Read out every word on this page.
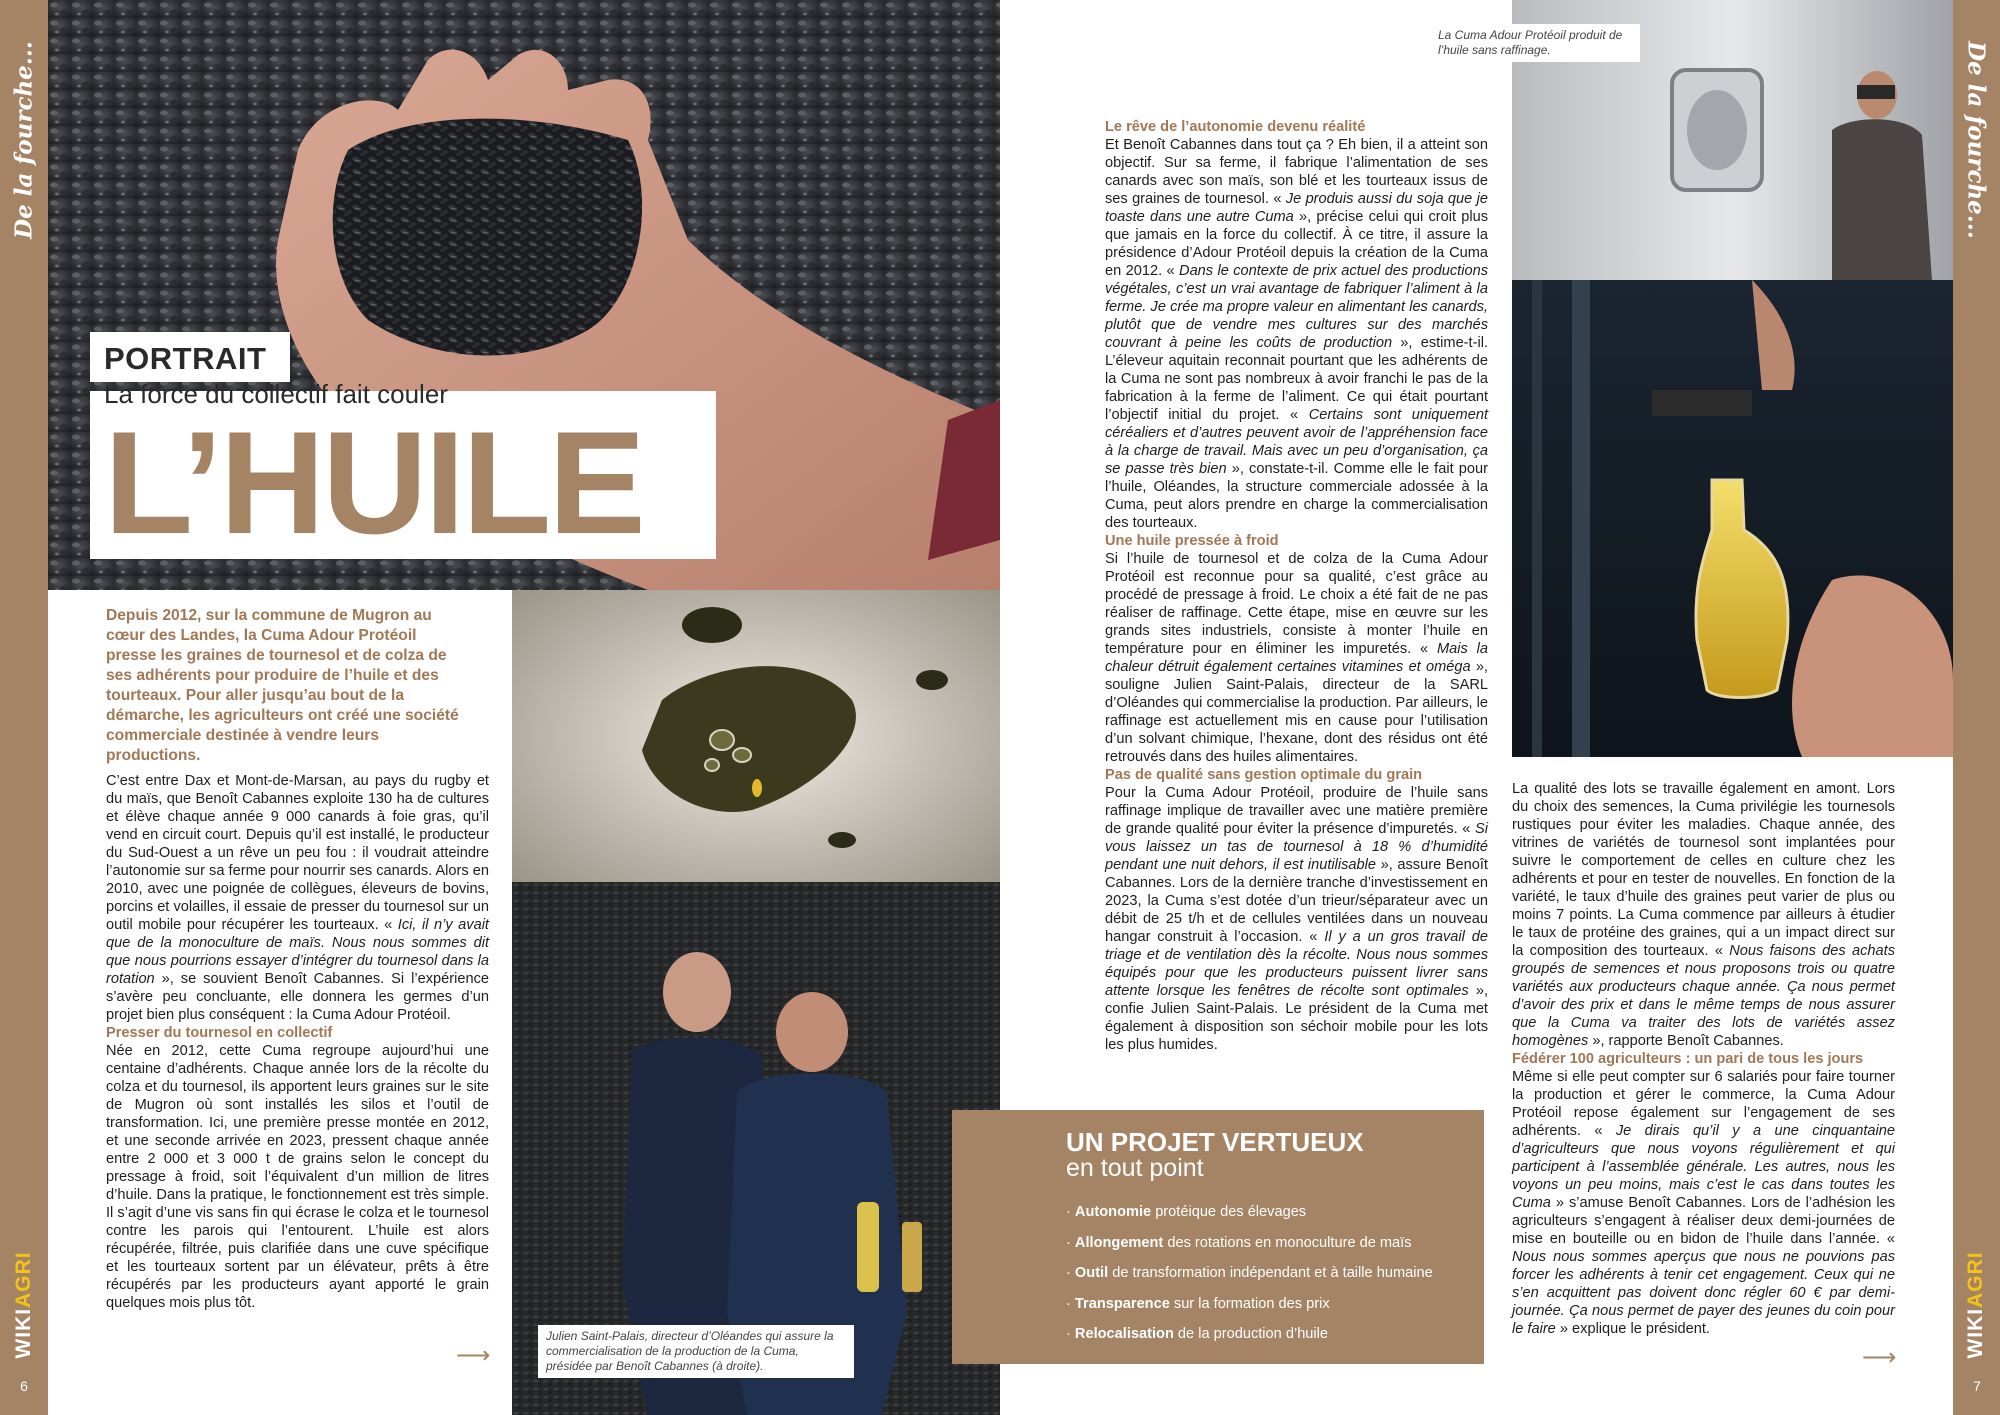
De la fourche...
WIKIAGRI
6
De la fourche...
WIKIAGRI
7
PORTRAIT
La force du collectif fait couler
L’HUILE
Julien Saint-Palais, directeur d’Oléandes qui assure la commercialisation de la production de la Cuma, présidée par Benoît Cabannes (à droite).
La Cuma Adour Protéoil produit de l’huile sans raffinage.

Depuis 2012, sur la commune de Mugron au cœur des Landes, la Cuma Adour Protéoil presse les graines de tournesol et de colza de ses adhérents pour produire de l’huile et des tourteaux. Pour aller jusqu’au bout de la démarche, les agriculteurs ont créé une société commerciale destinée à vendre leurs productions.

C’est entre Dax et Mont-de-Marsan, au pays du rugby et du maïs, que Benoît Cabannes exploite 130 ha de cultures et élève chaque année 9 000 canards à foie gras, qu’il vend en circuit court. Depuis qu’il est installé, le producteur du Sud-Ouest a un rêve un peu fou : il voudrait atteindre l’autonomie sur sa ferme pour nourrir ses canards. Alors en 2010, avec une poignée de collègues, éleveurs de bovins, porcins et volailles, il essaie de presser du tournesol sur un outil mobile pour récupérer les tourteaux. « Ici, il n’y avait que de la monoculture de maïs. Nous nous sommes dit que nous pourrions essayer d’intégrer du tournesol dans la rotation », se souvient Benoît Cabannes. Si l’expérience s’avère peu concluante, elle donnera les germes d’un projet bien plus conséquent : la Cuma Adour Protéoil.

Presser du tournesol en collectif

Née en 2012, cette Cuma regroupe aujourd’hui une centaine d’adhérents. Chaque année lors de la récolte du colza et du tournesol, ils apportent leurs graines sur le site de Mugron où sont installés les silos et l’outil de transformation. Ici, une première presse montée en 2012, et une seconde arrivée en 2023, pressent chaque année entre 2 000 et 3 000 t de grains selon le concept du pressage à froid, soit l’équivalent d’un million de litres d’huile. Dans la pratique, le fonctionnement est très simple. Il s’agit d’une vis sans fin qui écrase le colza et le tournesol contre les parois qui l’entourent. L’huile est alors récupérée, filtrée, puis clarifiée dans une cuve spécifique et les tourteaux sortent par un élévateur, prêts à être récupérés par les producteurs ayant apporté le grain quelques mois plus tôt.

⟶

Le rêve de l’autonomie devenu réalité

Et Benoît Cabannes dans tout ça ? Eh bien, il a atteint son objectif. Sur sa ferme, il fabrique l’alimentation de ses canards avec son maïs, son blé et les tourteaux issus de ses graines de tournesol. « Je produis aussi du soja que je toaste dans une autre Cuma », précise celui qui croit plus que jamais en la force du collectif. À ce titre, il assure la présidence d’Adour Protéoil depuis la création de la Cuma en 2012. « Dans le contexte de prix actuel des productions végétales, c’est un vrai avantage de fabriquer l’aliment à la ferme. Je crée ma propre valeur en alimentant les canards, plutôt que de vendre mes cultures sur des marchés couvrant à peine les coûts de production », estime-t-il. L’éleveur aquitain reconnait pourtant que les adhérents de la Cuma ne sont pas nombreux à avoir franchi le pas de la fabrication à la ferme de l’aliment. Ce qui était pourtant l’objectif initial du projet. « Certains sont uniquement céréaliers et d’autres peuvent avoir de l’appréhension face à la charge de travail. Mais avec un peu d’organisation, ça se passe très bien », constate-t-il. Comme elle le fait pour l’huile, Oléandes, la structure commerciale adossée à la Cuma, peut alors prendre en charge la commercialisation des tourteaux.

Une huile pressée à froid

Si l’huile de tournesol et de colza de la Cuma Adour Protéoil est reconnue pour sa qualité, c’est grâce au procédé de pressage à froid. Le choix a été fait de ne pas réaliser de raffinage. Cette étape, mise en œuvre sur les grands sites industriels, consiste à monter l’huile en température pour en éliminer les impuretés. « Mais la chaleur détruit également certaines vitamines et oméga », souligne Julien Saint-Palais, directeur de la SARL d’Oléandes qui commercialise la production. Par ailleurs, le raffinage est actuellement mis en cause pour l’utilisation d’un solvant chimique, l’hexane, dont des résidus ont été retrouvés dans des huiles alimentaires.

Pas de qualité sans gestion optimale du grain

Pour la Cuma Adour Protéoil, produire de l’huile sans raffinage implique de travailler avec une matière première de grande qualité pour éviter la présence d’impuretés. « Si vous laissez un tas de tournesol à 18 % d’humidité pendant une nuit dehors, il est inutilisable », assure Benoît Cabannes. Lors de la dernière tranche d’investissement en 2023, la Cuma s’est dotée d’un trieur/séparateur avec un débit de 25 t/h et de cellules ventilées dans un nouveau hangar construit à l’occasion. « Il y a un gros travail de triage et de ventilation dès la récolte. Nous nous sommes équipés pour que les producteurs puissent livrer sans attente lorsque les fenêtres de récolte sont optimales », confie Julien Saint-Palais. Le président de la Cuma met également à disposition son séchoir mobile pour les lots les plus humides.

UN PROJET VERTUEUX
en tout point
· Autonomie protéique des élevages
· Allongement des rotations en monoculture de maïs
· Outil de transformation indépendant et à taille humaine
· Transparence sur la formation des prix
· Relocalisation de la production d’huile

La qualité des lots se travaille également en amont. Lors du choix des semences, la Cuma privilégie les tournesols rustiques pour éviter les maladies. Chaque année, des vitrines de variétés de tournesol sont implantées pour suivre le comportement de celles en culture chez les adhérents et pour en tester de nouvelles. En fonction de la variété, le taux d’huile des graines peut varier de plus ou moins 7 points. La Cuma commence par ailleurs à étudier le taux de protéine des graines, qui a un impact direct sur la composition des tourteaux. « Nous faisons des achats groupés de semences et nous proposons trois ou quatre variétés aux producteurs chaque année. Ça nous permet d’avoir des prix et dans le même temps de nous assurer que la Cuma va traiter des lots de variétés assez homogènes », rapporte Benoît Cabannes.

Fédérer 100 agriculteurs : un pari de tous les jours

Même si elle peut compter sur 6 salariés pour faire tourner la production et gérer le commerce, la Cuma Adour Protéoil repose également sur l’engagement de ses adhérents. « Je dirais qu’il y a une cinquantaine d’agriculteurs que nous voyons régulièrement et qui participent à l’assemblée générale. Les autres, nous les voyons un peu moins, mais c’est le cas dans toutes les Cuma » s’amuse Benoît Cabannes. Lors de l’adhésion les agriculteurs s’engagent à réaliser deux demi-journées de mise en bouteille ou en bidon de l’huile dans l’année. « Nous nous sommes aperçus que nous ne pouvions pas forcer les adhérents à tenir cet engagement. Ceux qui ne s’en acquittent pas doivent donc régler 60 € par demi-journée. Ça nous permet de payer des jeunes du coin pour le faire » explique le président.

⟶
